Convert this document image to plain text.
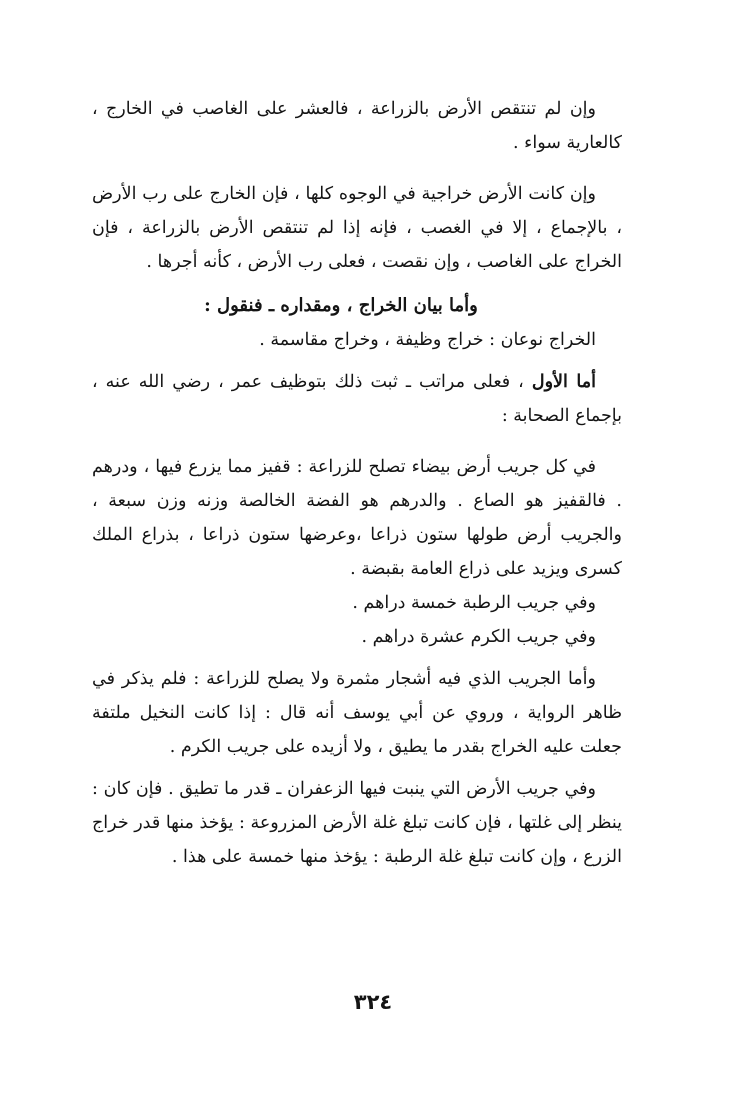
وإن لم تنتقص الأرض بالزراعة ، فالعشر على الغاصب في الخارج ، كالعارية سواء .

وإن كانت الأرض خراجية في الوجوه كلها ، فإن الخارج على رب الأرض ، بالإجماع ، إلا في الغصب ، فإنه إذا لم تنتقص الأرض بالزراعة ، فإن الخراج على الغاصب ، وإن نقصت ، فعلى رب الأرض ، كأنه أجرها .

وأما بيان الخراج ، ومقداره ـ فنقول :

الخراج نوعان : خراج وظيفة ، وخراج مقاسمة .

أما الأول ، فعلى مراتب ـ ثبت ذلك بتوظيف عمر ، رضي الله عنه ، بإجماع الصحابة :

في كل جريب أرض بيضاء تصلح للزراعة : قفيز مما يزرع فيها ، ودرهم . فالقفيز هو الصاع . والدرهم هو الفضة الخالصة وزنه وزن سبعة ، والجريب أرض طولها ستون ذراعا ،وعرضها ستون ذراعا ، بذراع الملك كسرى ويزيد على ذراع العامة بقبضة .

وفي جريب الرطبة خمسة دراهم .

وفي جريب الكرم عشرة دراهم .

وأما الجريب الذي فيه أشجار مثمرة ولا يصلح للزراعة : فلم يذكر في ظاهر الرواية ، وروي عن أبي يوسف أنه قال : إذا كانت النخيل ملتفة جعلت عليه الخراج بقدر ما يطيق ، ولا أزيده على جريب الكرم .

وفي جريب الأرض التي ينبت فيها الزعفران ـ قدر ما تطيق . فإن كان : ينظر إلى غلتها ، فإن كانت تبلغ غلة الأرض المزروعة : يؤخذ منها قدر خراج الزرع ، وإن كانت تبلغ غلة الرطبة : يؤخذ منها خمسة على هذا .

٣٢٤
